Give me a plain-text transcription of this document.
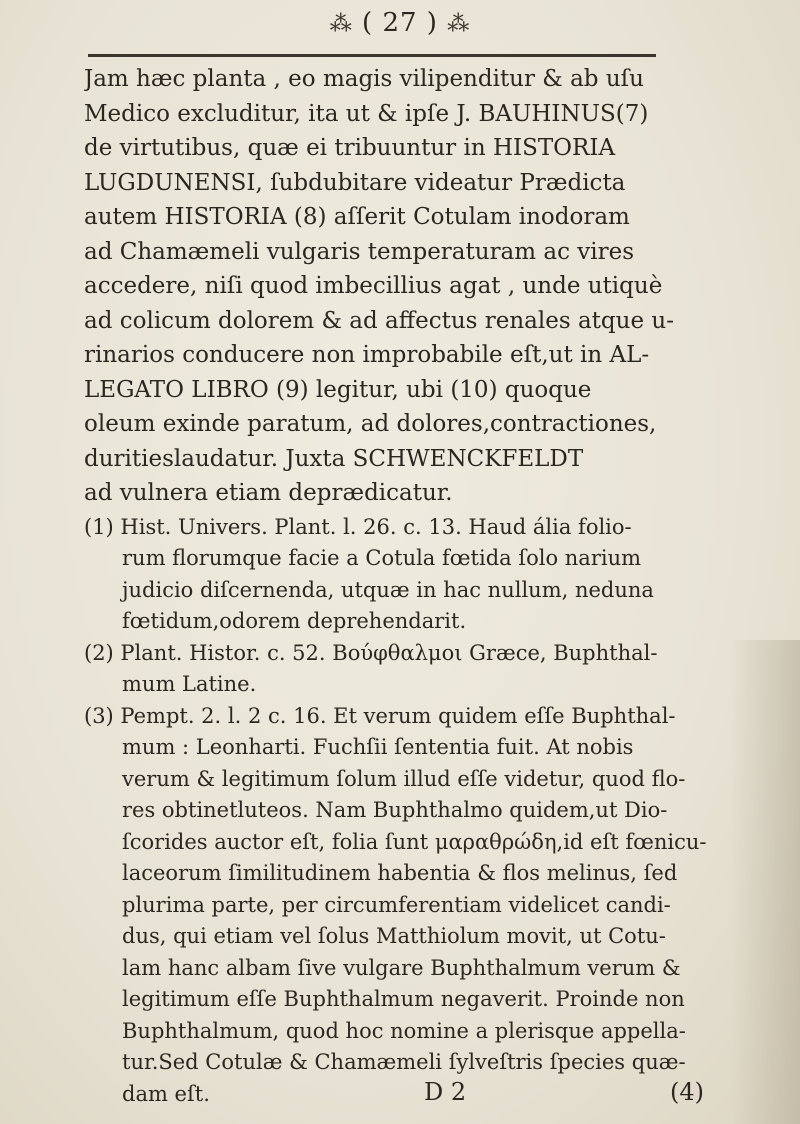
⁂ ( 27 ) ⁂
Jam hæc planta , eo magis vilipenditur & ab uſu
Medico excluditur, ita ut & ipſe J. BAUHINUS(7)
de virtutibus, quæ ei tribuuntur in HISTORIA
LUGDUNENSI, ſubdubitare videatur Prædicta
autem HISTORIA (8) aſſerit Cotulam inodoram
ad Chamæmeli vulgaris temperaturam ac vires
accedere, niſi quod imbecillius agat , unde utiquè
ad colicum dolorem & ad affectus renales atque u-
rinarios conducere non improbabile eſt,ut in AL-
LEGATO LIBRO (9) legitur, ubi (10) quoque
oleum exinde paratum, ad dolores,contractiones,
duritieslaudatur. Juxta SCHWENCKFELDT
ad vulnera etiam deprædicatur.
(1) Hist. Univers. Plant. l. 26. c. 13. Haud ália folio-
rum florumque facie a Cotula fœtida ſolo narium
judicio diſcernenda, utquæ in hac nullum, neduna
fœtidum,odorem deprehendarit.
(2) Plant. Histor. c. 52. Βούφθαλμοι Græce, Buphthal-
mum Latine.
(3) Pempt. 2. l. 2 c. 16. Et verum quidem eſſe Buphthal-
mum : Leonharti. Fuchſii ſententia fuit. At nobis
verum & legitimum ſolum illud eſſe videtur, quod flo-
res obtinetluteos. Nam Buphthalmo quidem,ut Dio-
ſcorides auctor eſt, folia ſunt μαραθρώδη,id eſt fœnicu-
laceorum ſimilitudinem habentia & flos melinus, ſed
plurima parte, per circumferentiam videlicet candi-
dus, qui etiam vel ſolus Matthiolum movit, ut Cotu-
lam hanc albam ſive vulgare Buphthalmum verum &
legitimum eſſe Buphthalmum negaverit. Proinde non
Buphthalmum, quod hoc nomine a plerisque appella-
tur.Sed Cotulæ & Chamæmeli ſylveſtris ſpecies quæ-
dam eſt.	D 2	(4)
